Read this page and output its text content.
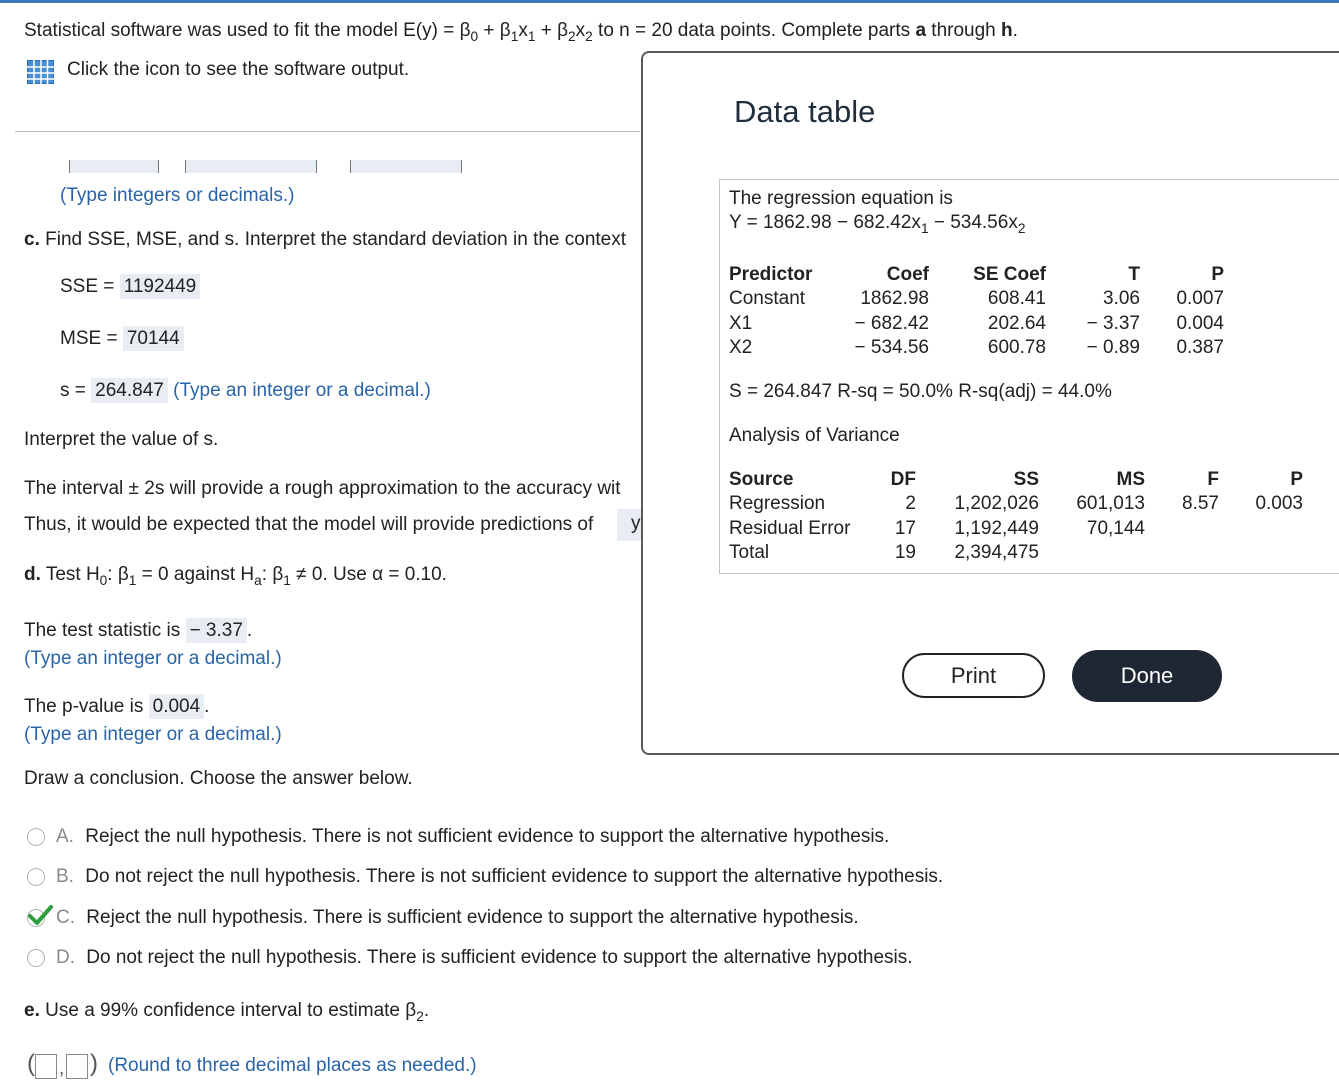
Statistical software was used to fit the model $E(y) = \beta_0 + \beta_1x_1 + \beta_2x_2$ to n = 20 data points. Complete parts a through h.
Click the icon to see the software output.

(Type integers or decimals.)
c. Find SSE, MSE, and s. Interpret the standard deviation in the context
SSE = 1192449
MSE = 70144
s = 264.847 (Type an integer or a decimal.)
Interpret the value of s.
The interval ± 2s will provide a rough approximation to the accuracy wit
Thus, it would be expected that the model will provide predictions of	y
d. Test $H_0$: $\beta_1 = 0$ against $H_a$: $\beta_1 \ne 0$. Use α = 0.10.
The test statistic is − 3.37 .
(Type an integer or a decimal.)
The p-value is 0.004 .
(Type an integer or a decimal.)
Draw a conclusion. Choose the answer below.
A. Reject the null hypothesis. There is not sufficient evidence to support the alternative hypothesis.
B. Do not reject the null hypothesis. There is not sufficient evidence to support the alternative hypothesis.
C. Reject the null hypothesis. There is sufficient evidence to support the alternative hypothesis.
D. Do not reject the null hypothesis. There is sufficient evidence to support the alternative hypothesis.
e. Use a 99% confidence interval to estimate $\beta_2$.
( , ) (Round to three decimal places as needed.)
Data table
The regression equation is
$Y = 1862.98 - 682.42x_1 - 534.56x_2$
Predictor	Coef	SE Coef	T	P
Constant	1862.98	608.41	3.06	0.007
X1	− 682.42	202.64	− 3.37	0.004
X2	− 534.56	600.78	− 0.89	0.387
S = 264.847 R-sq = 50.0% R-sq(adj) = 44.0%
Analysis of Variance
Source	DF	SS	MS	F	P
Regression	2	1,202,026	601,013	8.57	0.003
Residual Error	17	1,192,449	70,144
Total	19	2,394,475
Print	Done
